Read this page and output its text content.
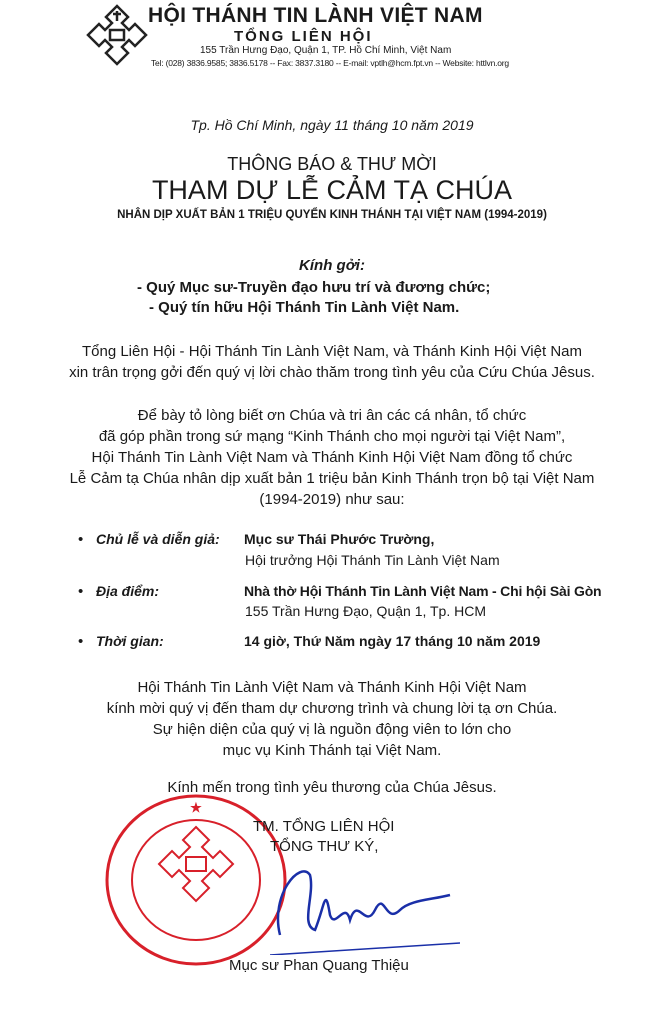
HỘI THÁNH TIN LÀNH VIỆT NAM
TỔNG LIÊN HỘI
155 Trần Hưng Đạo, Quận 1, TP. Hồ Chí Minh, Việt Nam
Tel: (028) 3836.9585; 3836.5178 -- Fax: 3837.3180 -- E-mail: vptlh@hcm.fpt.vn -- Website: httlvn.org
Tp. Hồ Chí Minh, ngày 11 tháng 10 năm 2019
THÔNG BÁO & THƯ MỜI
THAM DỰ LỄ CẢM TẠ CHÚA
NHÂN DỊP XUẤT BẢN 1 TRIỆU QUYỂN KINH THÁNH TẠI VIỆT NAM (1994-2019)
Kính gởi:
- Quý Mục sư-Truyền đạo hưu trí và đương chức;
- Quý tín hữu Hội Thánh Tin Lành Việt Nam.
Tổng Liên Hội - Hội Thánh Tin Lành Việt Nam, và Thánh Kinh Hội Việt Nam
xin trân trọng gởi đến quý vị lời chào thăm trong tình yêu của Cứu Chúa Jêsus.
Để bày tỏ lòng biết ơn Chúa và tri ân các cá nhân, tổ chức
đã góp phần trong sứ mạng “Kinh Thánh cho mọi người tại Việt Nam”,
Hội Thánh Tin Lành Việt Nam và Thánh Kinh Hội Việt Nam đồng tổ chức
Lễ Cảm tạ Chúa nhân dịp xuất bản 1 triệu bản Kinh Thánh trọn bộ tại Việt Nam
(1994-2019) như sau:
• Chủ lễ và diễn giả: Mục sư Thái Phước Trường,
Hội trưởng Hội Thánh Tin Lành Việt Nam
• Địa điểm:	Nhà thờ Hội Thánh Tin Lành Việt Nam - Chi hội Sài Gòn
155 Trần Hưng Đạo, Quận 1, Tp. HCM
• Thời gian:	14 giờ, Thứ Năm ngày 17 tháng 10 năm 2019
Hội Thánh Tin Lành Việt Nam và Thánh Kinh Hội Việt Nam
kính mời quý vị đến tham dự chương trình và chung lời tạ ơn Chúa.
Sự hiện diện của quý vị là nguồn động viên to lớn cho
mục vụ Kinh Thánh tại Việt Nam.
Kính mến trong tình yêu thương của Chúa Jêsus.
★
TM. TỔNG LIÊN HỘI
TỔNG THƯ KÝ,
Mục sư Phan Quang Thiệu
